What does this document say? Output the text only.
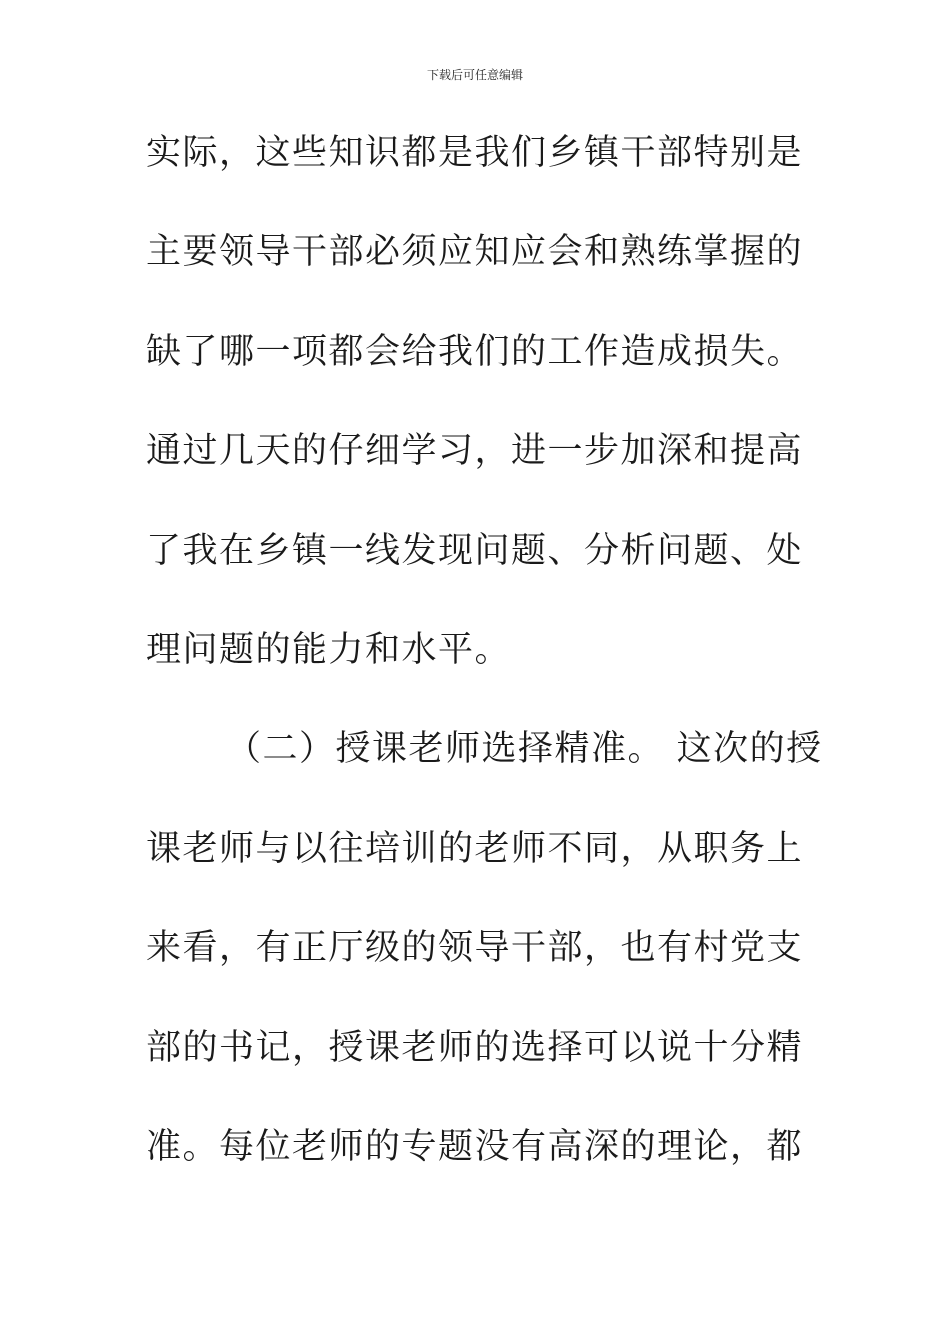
下载后可任意编辑
实际，这些知识都是我们乡镇干部特别是
主要领导干部必须应知应会和熟练掌握的
缺了哪一项都会给我们的工作造成损失。
通过几天的仔细学习，进一步加深和提高
了我在乡镇一线发现问题、分析问题、处
理问题的能力和水平。
（二）授课老师选择精准。 这次的授
课老师与以往培训的老师不同，从职务上
来看，有正厅级的领导干部，也有村党支
部的书记，授课老师的选择可以说十分精
准。每位老师的专题没有高深的理论，都
